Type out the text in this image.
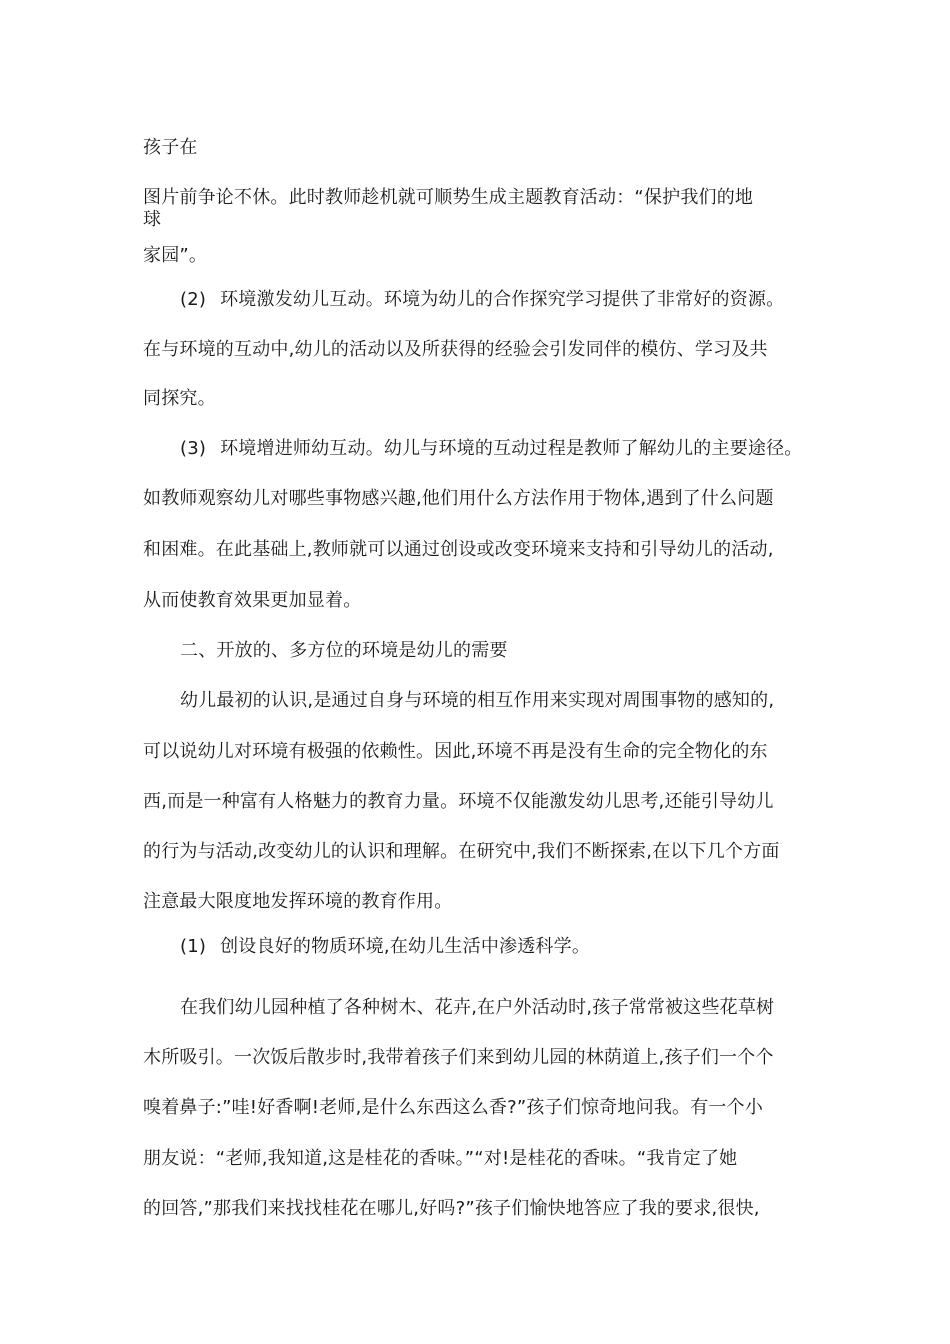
孩子在
图片前争论不休。此时教师趁机就可顺势生成主题教育活动：“保护我们的地
球
家园”。
(2) 环境激发幼儿互动。环境为幼儿的合作探究学习提供了非常好的资源。
在与环境的互动中,幼儿的活动以及所获得的经验会引发同伴的模仿、学习及共
同探究。
(3) 环境增进师幼互动。幼儿与环境的互动过程是教师了解幼儿的主要途径。
如教师观察幼儿对哪些事物感兴趣,他们用什么方法作用于物体,遇到了什么问题
和困难。在此基础上,教师就可以通过创设或改变环境来支持和引导幼儿的活动,
从而使教育效果更加显着。
二、开放的、多方位的环境是幼儿的需要
幼儿最初的认识,是通过自身与环境的相互作用来实现对周围事物的感知的,
可以说幼儿对环境有极强的依赖性。因此,环境不再是没有生命的完全物化的东
西,而是一种富有人格魅力的教育力量。环境不仅能激发幼儿思考,还能引导幼儿
的行为与活动,改变幼儿的认识和理解。在研究中,我们不断探索,在以下几个方面
注意最大限度地发挥环境的教育作用。
(1) 创设良好的物质环境,在幼儿生活中渗透科学。
在我们幼儿园种植了各种树木、花卉,在户外活动时,孩子常常被这些花草树
木所吸引。一次饭后散步时,我带着孩子们来到幼儿园的林荫道上,孩子们一个个
嗅着鼻子:”哇!好香啊!老师,是什么东西这么香?”孩子们惊奇地问我。有一个小
朋友说：“老师,我知道,这是桂花的香味。”“对!是桂花的香味。“我肯定了她
的回答,”那我们来找找桂花在哪儿,好吗?”孩子们愉快地答应了我的要求,很快,
